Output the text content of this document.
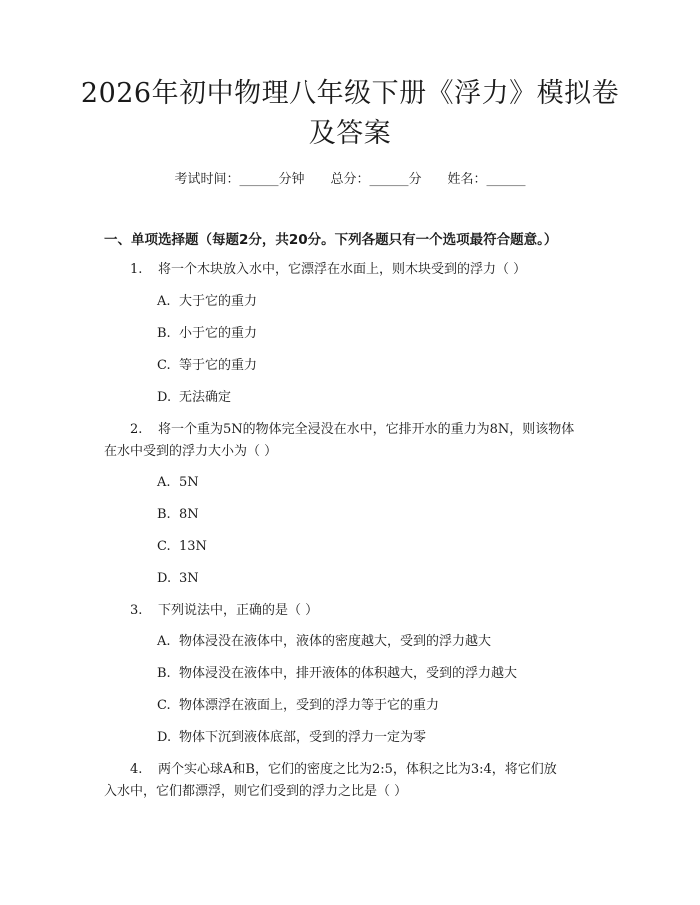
2026年初中物理八年级下册《浮力》模拟卷
及答案
考试时间：______分钟 总分：______分 姓名：______
一、单项选择题（每题2分，共20分。下列各题只有一个选项最符合题意。）
1. 将一个木块放入水中，它漂浮在水面上，则木块受到的浮力（ ）
A. 大于它的重力
B. 小于它的重力
C. 等于它的重力
D. 无法确定
2. 将一个重为5N的物体完全浸没在水中，它排开水的重力为8N，则该物体
在水中受到的浮力大小为（ ）
A. 5N
B. 8N
C. 13N
D. 3N
3. 下列说法中，正确的是（ ）
A. 物体浸没在液体中，液体的密度越大，受到的浮力越大
B. 物体浸没在液体中，排开液体的体积越大，受到的浮力越大
C. 物体漂浮在液面上，受到的浮力等于它的重力
D. 物体下沉到液体底部，受到的浮力一定为零
4. 两个实心球A和B，它们的密度之比为2:5，体积之比为3:4，将它们放
入水中，它们都漂浮，则它们受到的浮力之比是（ ）
